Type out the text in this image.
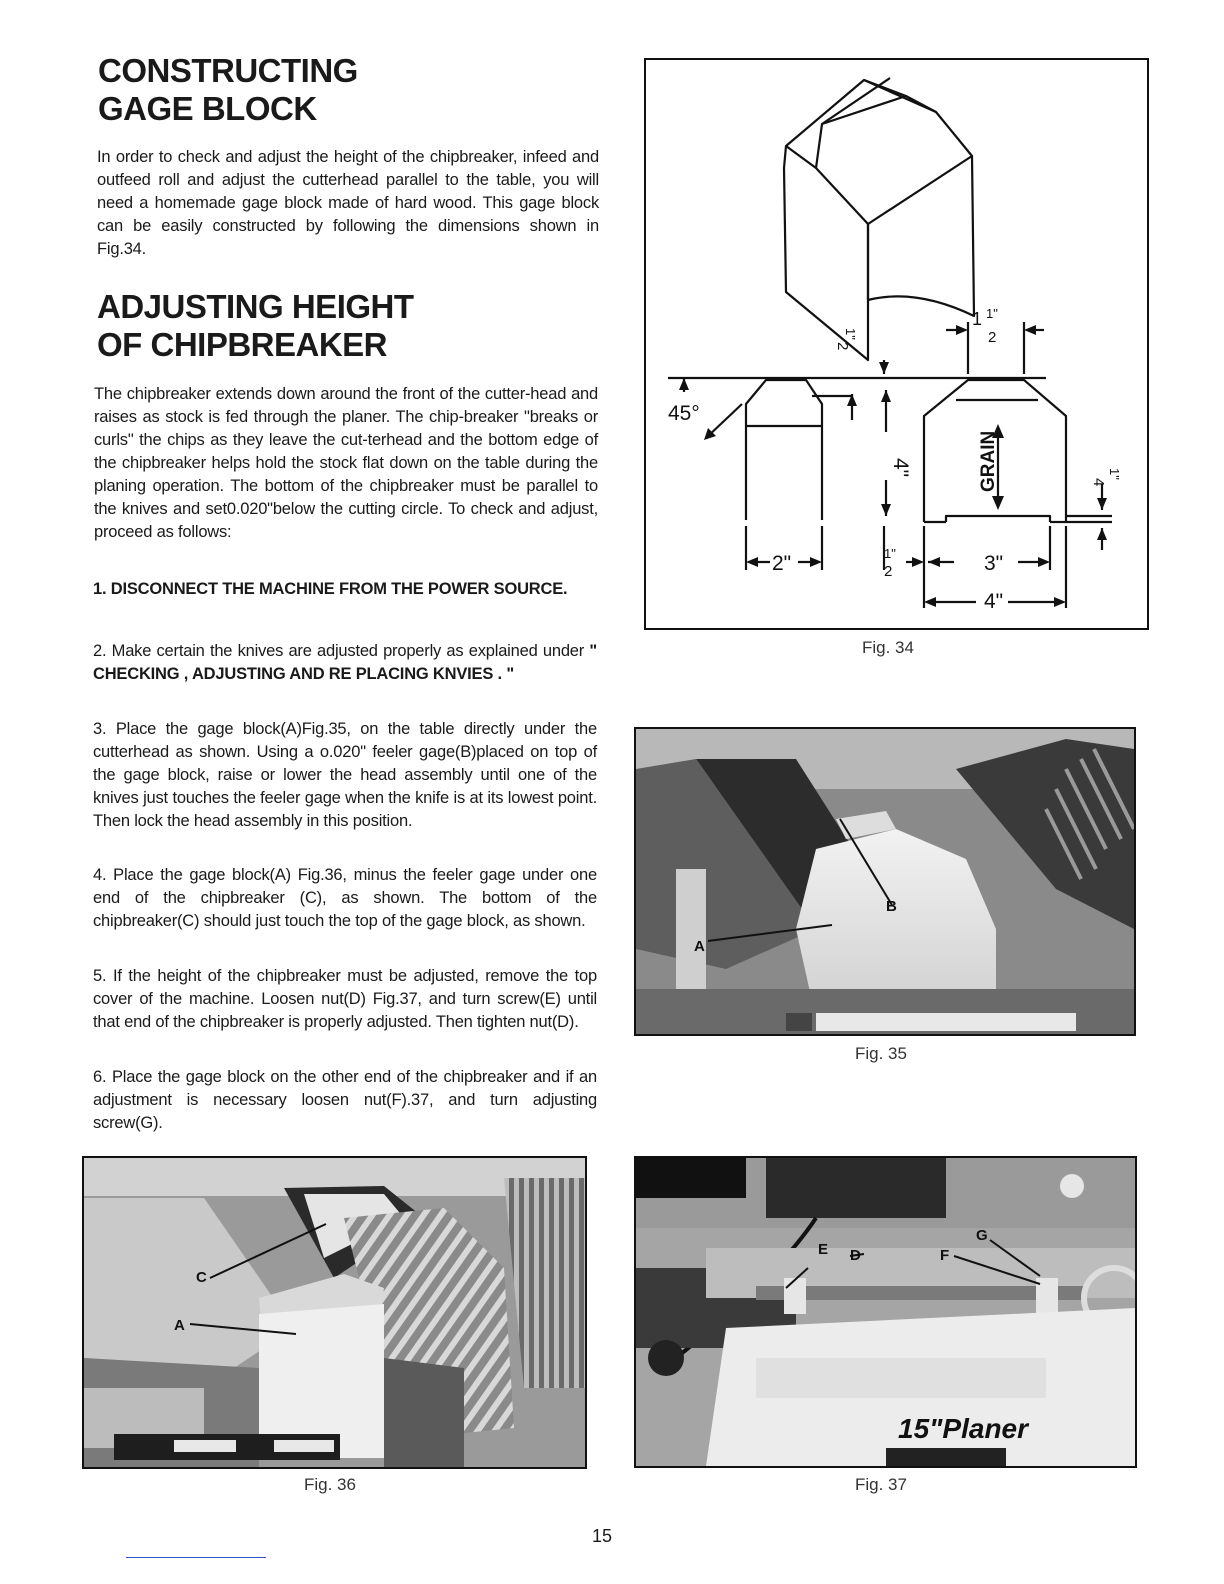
CONSTRUCTING
GAGE BLOCK

In order to check and adjust the height of the chipbreaker, infeed and outfeed roll and adjust the cutterhead parallel to the table, you will need a homemade gage block made of hard wood. This gage block can be easily constructed by following the dimensions shown in Fig.34.

ADJUSTING HEIGHT
OF CHIPBREAKER

The chipbreaker extends down around the front of the cutter-head and raises as stock is fed through the planer. The chip-breaker "breaks or curls" the chips as they leave the cut-terhead and the bottom edge of the chipbreaker helps hold the stock flat down on the table during the planing operation. The bottom of the chipbreaker must be parallel to the knives and set0.020"below the cutting circle. To check and adjust, proceed as follows:

1. DISCONNECT THE MACHINE FROM THE POWER SOURCE.

2. Make certain the knives are adjusted properly as explained under " CHECKING , ADJUSTING AND RE PLACING KNVIES . "

3. Place the gage block(A)Fig.35, on the table directly under the cutterhead as shown. Using a o.020" feeler gage(B)placed on top of the gage block, raise or lower the head assembly until one of the knives just touches the feeler gage when the knife is at its lowest point. Then lock the head assembly in this position.

4. Place the gage block(A) Fig.36, minus the feeler gage under one end of the chipbreaker (C), as shown. The bottom of the chipbreaker(C) should just touch the top of the gage block, as shown.

5. If the height of the chipbreaker must be adjusted, remove the top cover of the machine. Loosen nut(D) Fig.37, and turn screw(E) until that end of the chipbreaker is properly adjusted. Then tighten nut(D).

6. Place the gage block on the other end of the chipbreaker and if an adjustment is necessary loosen nut(F).37, and turn adjusting screw(G).

45°
2"	3"
4"
4"
1 1"
2
1"
2
1"
4
1"
2
GRAIN
Fig. 34
A
B
Fig. 35
C
A
Fig. 36
E D	F
G
15"Planer
Fig. 37
15
